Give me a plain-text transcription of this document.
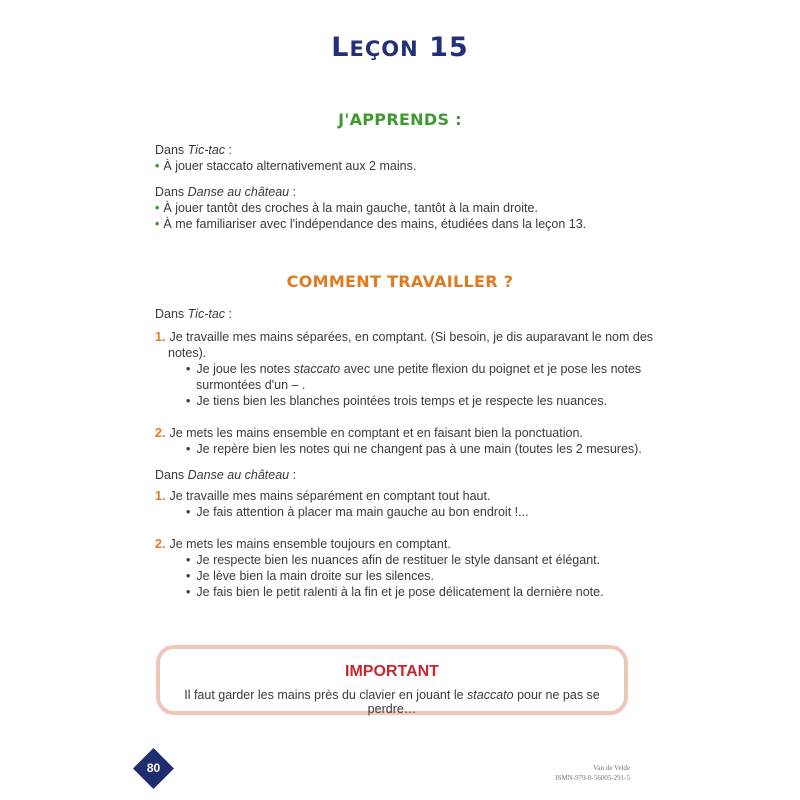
LEÇON 15
J'APPRENDS :
Dans Tic-tac :
• À jouer staccato alternativement aux 2 mains.
Dans Danse au château :
• À jouer tantôt des croches à la main gauche, tantôt à la main droite.
• À me familiariser avec l'indépendance des mains, étudiées dans la leçon 13.
COMMENT TRAVAILLER ?
Dans Tic-tac :
1. Je travaille mes mains séparées, en comptant. (Si besoin, je dis auparavant le nom des
notes).
• Je joue les notes staccato avec une petite flexion du poignet et je pose les notes
surmontées d'un – .
• Je tiens bien les blanches pointées trois temps et je respecte les nuances.
2. Je mets les mains ensemble en comptant et en faisant bien la ponctuation.
• Je repère bien les notes qui ne changent pas à une main (toutes les 2 mesures).
Dans Danse au château :
1. Je travaille mes mains séparément en comptant tout haut.
• Je fais attention à placer ma main gauche au bon endroit !...
2. Je mets les mains ensemble toujours en comptant.
• Je respecte bien les nuances afin de restituer le style dansant et élégant.
• Je lève bien la main droite sur les silences.
• Je fais bien le petit ralenti à la fin et je pose délicatement la dernière note.
IMPORTANT
Il faut garder les mains près du clavier en jouant le staccato pour ne pas se perdre…
80	Van de Velde
ISMN-979-0-56005-291-5
